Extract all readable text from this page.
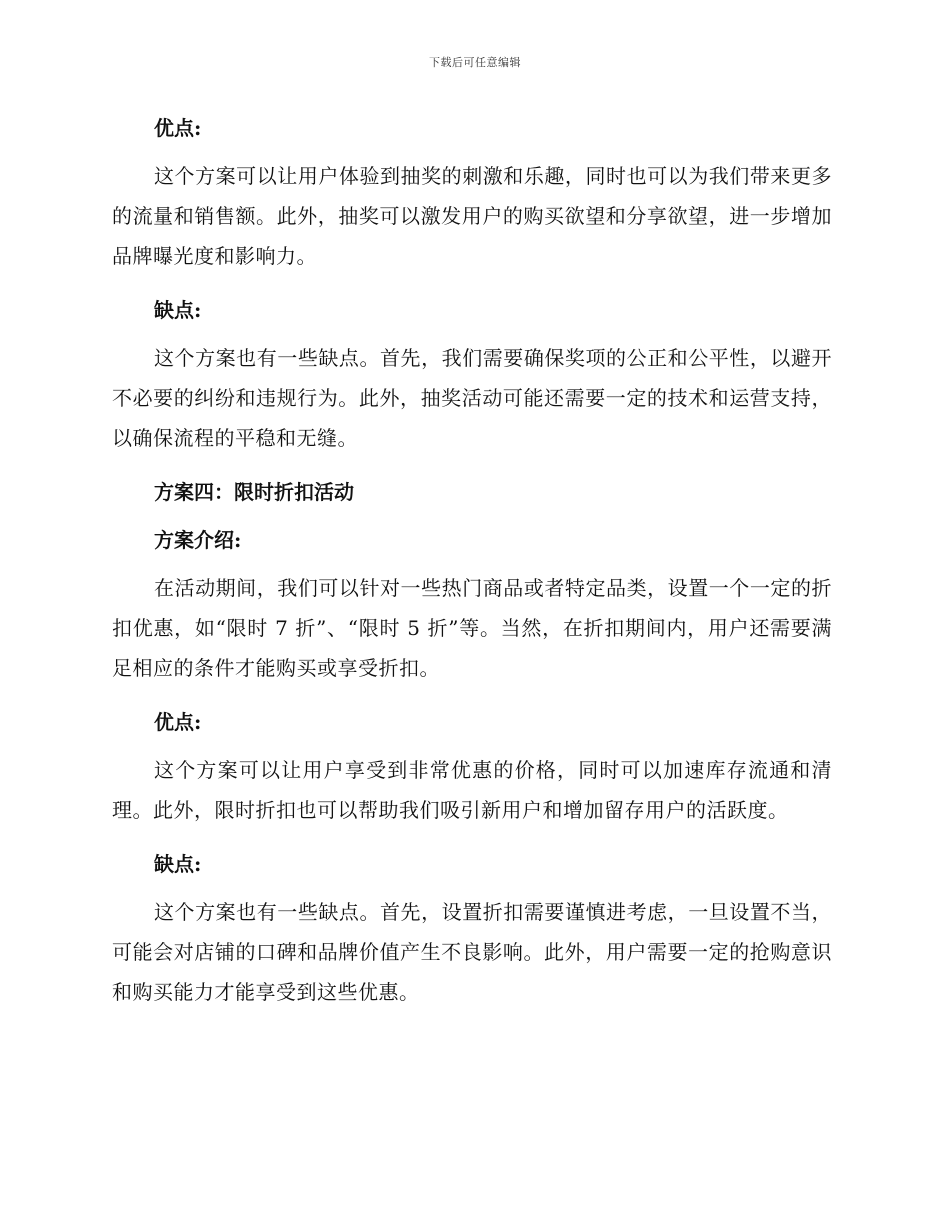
下载后可任意编辑
优点:
这个方案可以让用户体验到抽奖的刺激和乐趣，同时也可以为我们带来更多的流量和销售额。此外，抽奖可以激发用户的购买欲望和分享欲望，进一步增加品牌曝光度和影响力。
缺点:
这个方案也有一些缺点。首先，我们需要确保奖项的公正和公平性，以避开不必要的纠纷和违规行为。此外，抽奖活动可能还需要一定的技术和运营支持，以确保流程的平稳和无缝。
方案四：限时折扣活动
方案介绍:
在活动期间，我们可以针对一些热门商品或者特定品类，设置一个一定的折扣优惠，如“限时 7 折”、“限时 5 折”等。当然，在折扣期间内，用户还需要满足相应的条件才能购买或享受折扣。
优点:
这个方案可以让用户享受到非常优惠的价格，同时可以加速库存流通和清理。此外，限时折扣也可以帮助我们吸引新用户和增加留存用户的活跃度。
缺点:
这个方案也有一些缺点。首先，设置折扣需要谨慎进考虑，一旦设置不当，可能会对店铺的口碑和品牌价值产生不良影响。此外，用户需要一定的抢购意识和购买能力才能享受到这些优惠。
